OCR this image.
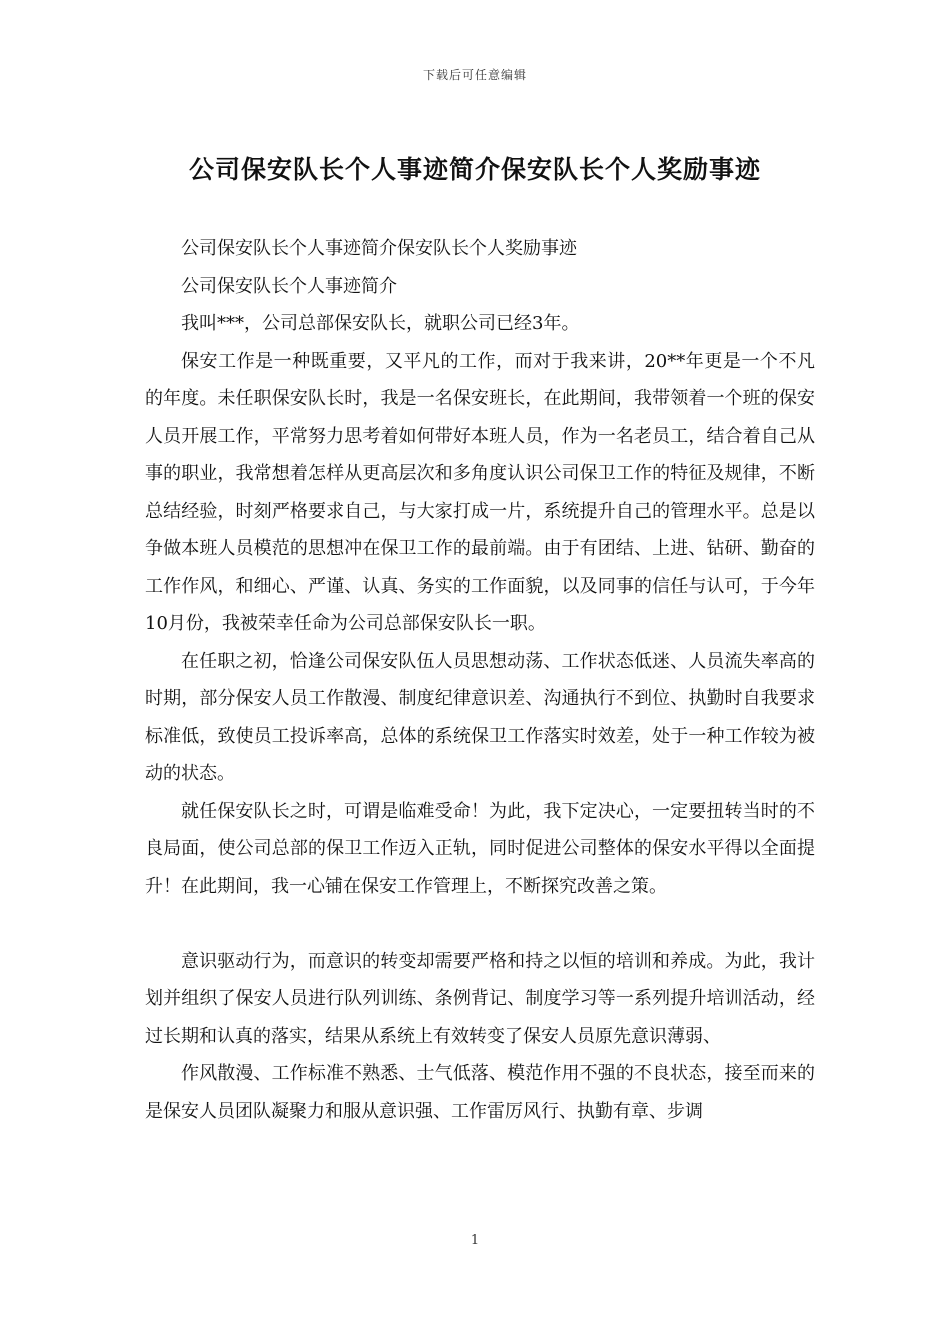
下载后可任意编辑
公司保安队长个人事迹简介保安队长个人奖励事迹

公司保安队长个人事迹简介保安队长个人奖励事迹

公司保安队长个人事迹简介

我叫***，公司总部保安队长，就职公司已经3年。

保安工作是一种既重要，又平凡的工作，而对于我来讲，20**年更是一个不凡的年度。未任职保安队长时，我是一名保安班长，在此期间，我带领着一个班的保安人员开展工作，平常努力思考着如何带好本班人员，作为一名老员工，结合着自己从事的职业，我常想着怎样从更高层次和多角度认识公司保卫工作的特征及规律，不断总结经验，时刻严格要求自己，与大家打成一片，系统提升自己的管理水平。总是以争做本班人员模范的思想冲在保卫工作的最前端。由于有团结、上进、钻研、勤奋的工作作风，和细心、严谨、认真、务实的工作面貌，以及同事的信任与认可，于今年10月份，我被荣幸任命为公司总部保安队长一职。

在任职之初，恰逢公司保安队伍人员思想动荡、工作状态低迷、人员流失率高的时期，部分保安人员工作散漫、制度纪律意识差、沟通执行不到位、执勤时自我要求标准低，致使员工投诉率高，总体的系统保卫工作落实时效差，处于一种工作较为被动的状态。

就任保安队长之时，可谓是临难受命！为此，我下定决心，一定要扭转当时的不良局面，使公司总部的保卫工作迈入正轨，同时促进公司整体的保安水平得以全面提升！在此期间，我一心铺在保安工作管理上，不断探究改善之策。

意识驱动行为，而意识的转变却需要严格和持之以恒的培训和养成。为此，我计划并组织了保安人员进行队列训练、条例背记、制度学习等一系列提升培训活动，经过长期和认真的落实，结果从系统上有效转变了保安人员原先意识薄弱、

作风散漫、工作标准不熟悉、士气低落、模范作用不强的不良状态，接至而来的是保安人员团队凝聚力和服从意识强、工作雷厉风行、执勤有章、步调

1
